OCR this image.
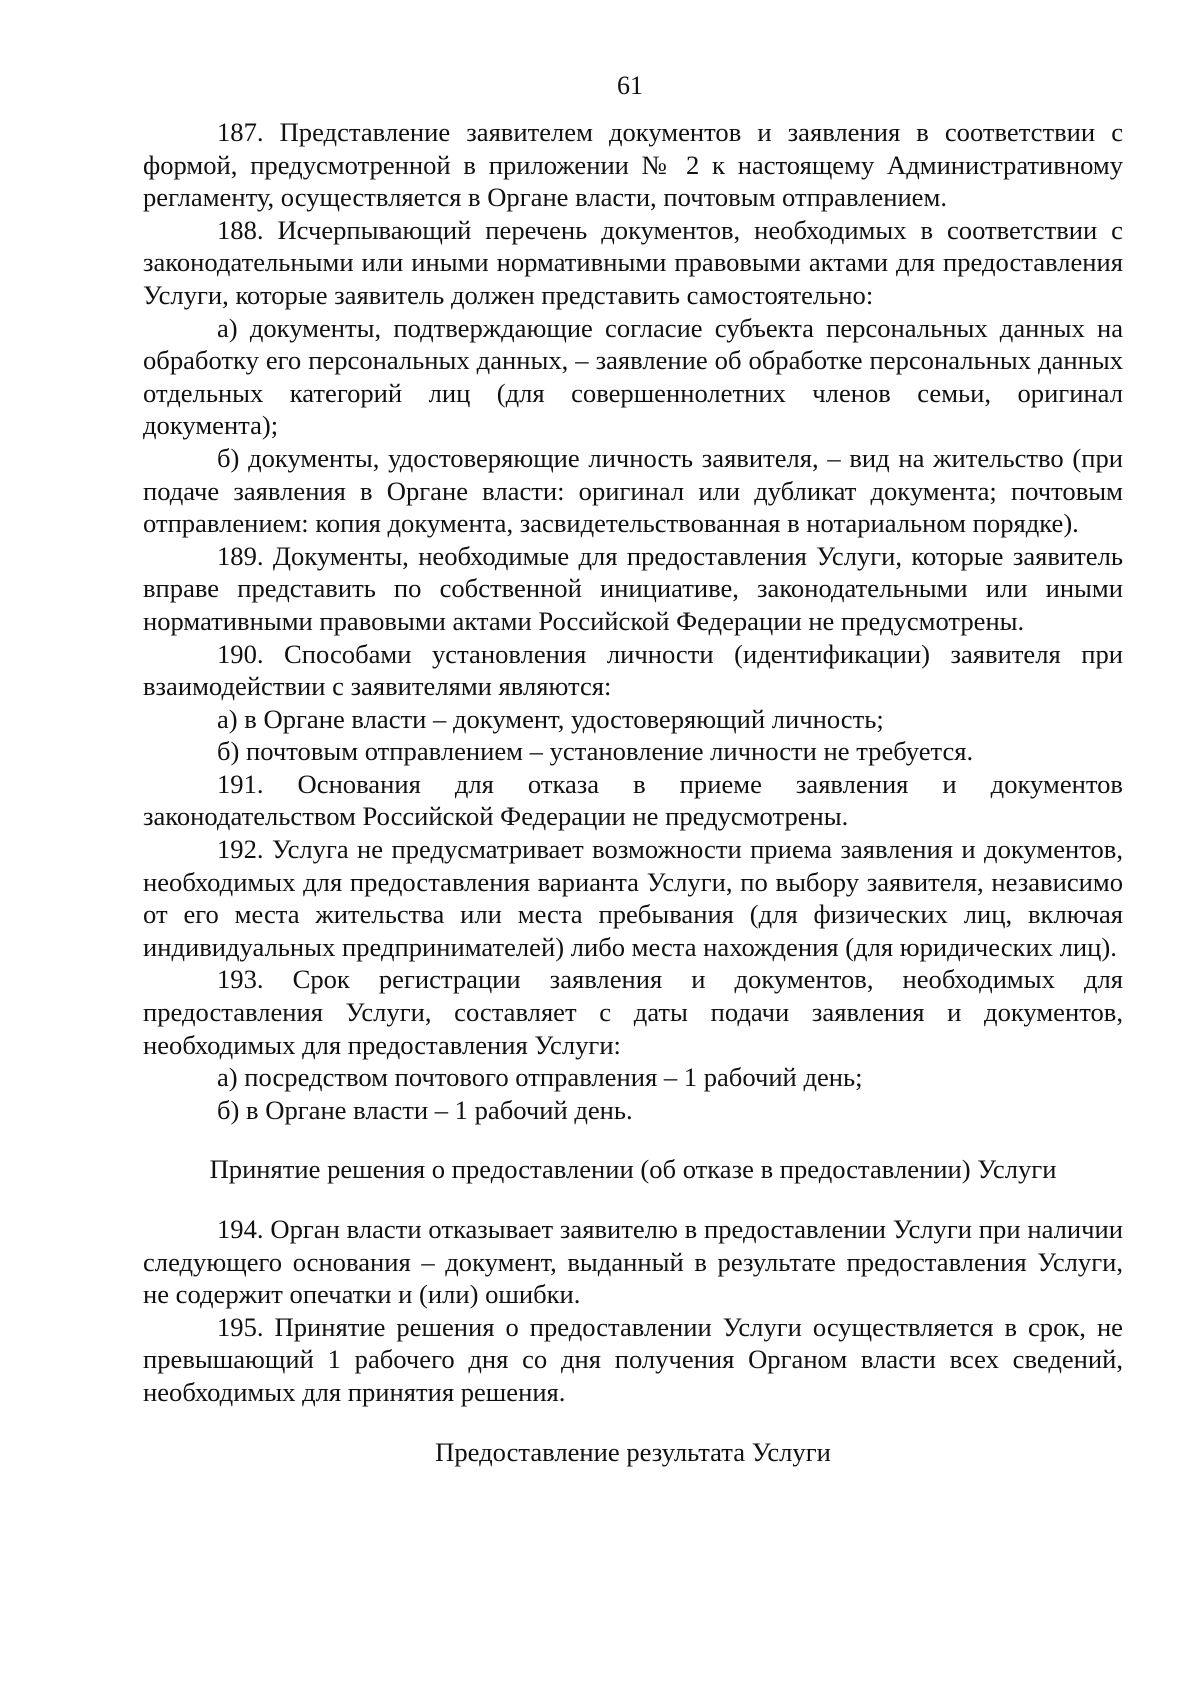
61

187. Представление заявителем документов и заявления в соответствии с формой, предусмотренной в приложении № 2 к настоящему Административному регламенту, осуществляется в Органе власти, почтовым отправлением.

188. Исчерпывающий перечень документов, необходимых в соответствии с законодательными или иными нормативными правовыми актами для предоставления Услуги, которые заявитель должен представить самостоятельно:

а) документы, подтверждающие согласие субъекта персональных данных на обработку его персональных данных, – заявление об обработке персональных данных отдельных категорий лиц (для совершеннолетних членов семьи, оригинал документа);

б) документы, удостоверяющие личность заявителя, – вид на жительство (при подаче заявления в Органе власти: оригинал или дубликат документа; почтовым отправлением: копия документа, засвидетельствованная в нотариальном порядке).

189. Документы, необходимые для предоставления Услуги, которые заявитель вправе представить по собственной инициативе, законодательными или иными нормативными правовыми актами Российской Федерации не предусмотрены.

190. Способами установления личности (идентификации) заявителя при взаимодействии с заявителями являются:

а) в Органе власти – документ, удостоверяющий личность;

б) почтовым отправлением – установление личности не требуется.

191. Основания для отказа в приеме заявления и документов законодательством Российской Федерации не предусмотрены.

192. Услуга не предусматривает возможности приема заявления и документов, необходимых для предоставления варианта Услуги, по выбору заявителя, независимо от его места жительства или места пребывания (для физических лиц, включая индивидуальных предпринимателей) либо места нахождения (для юридических лиц).

193. Срок регистрации заявления и документов, необходимых для предоставления Услуги, составляет с даты подачи заявления и документов, необходимых для предоставления Услуги:

а) посредством почтового отправления – 1 рабочий день;

б) в Органе власти – 1 рабочий день.

Принятие решения о предоставлении (об отказе в предоставлении) Услуги

194. Орган власти отказывает заявителю в предоставлении Услуги при наличии следующего основания – документ, выданный в результате предоставления Услуги, не содержит опечатки и (или) ошибки.

195. Принятие решения о предоставлении Услуги осуществляется в срок, не превышающий 1 рабочего дня со дня получения Органом власти всех сведений, необходимых для принятия решения.

Предоставление результата Услуги
